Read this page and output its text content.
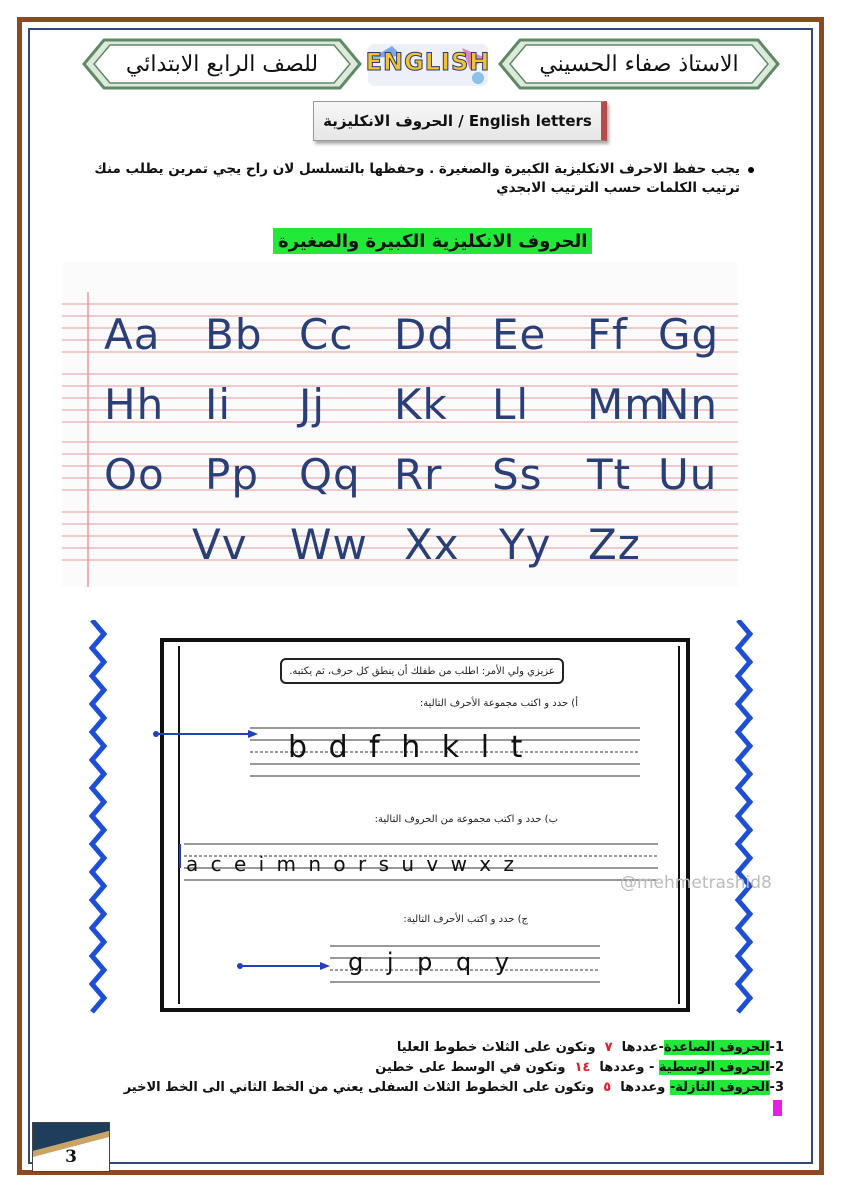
للصف الرابع الابتدائي	ENGLISH	الاستاذ صفاء الحسيني
الحروف الانكليزية / English letters
يجب حفظ الاحرف الانكليزية الكبيرة والصغيرة . وحفظها بالتسلسل لان راح يجي تمرين يطلب منك ترتيب الكلمات حسب الترتيب الابجدي
الحروف الانكليزية الكبيرة والصغيرة
Aa Bb Cc Dd Ee Ff Gg
Hh Ii Jj Kk Ll Mm
Nn
Oo Pp Qq Rr Ss Tt Uu
Vv Ww Xx Yy Zz
عزيزي ولي الأمر: اطلب من طفلك أن ينطق كل حرف، ثم يكتبه.
أ) حدد و اكتب مجموعة الأحرف التالية:
b d f h k l t
ب) حدد و اكتب مجموعة من الحروف التالية:
a c e i m n o r s u v w x z
ج) حدد و اكتب الأحرف التالية:
g j p q y
@mehmetrashid8
1-الحروف الصاعدة-عددها  ٧  وتكون على الثلاث خطوط العليا
2-الحروف الوسطية - وعددها  ١٤  وتكون في الوسط على خطين
3-الحروف النازلة- وعددها  ٥  وتكون على الخطوط الثلاث السفلى يعني من الخط الثاني الى الخط الاخير
3
